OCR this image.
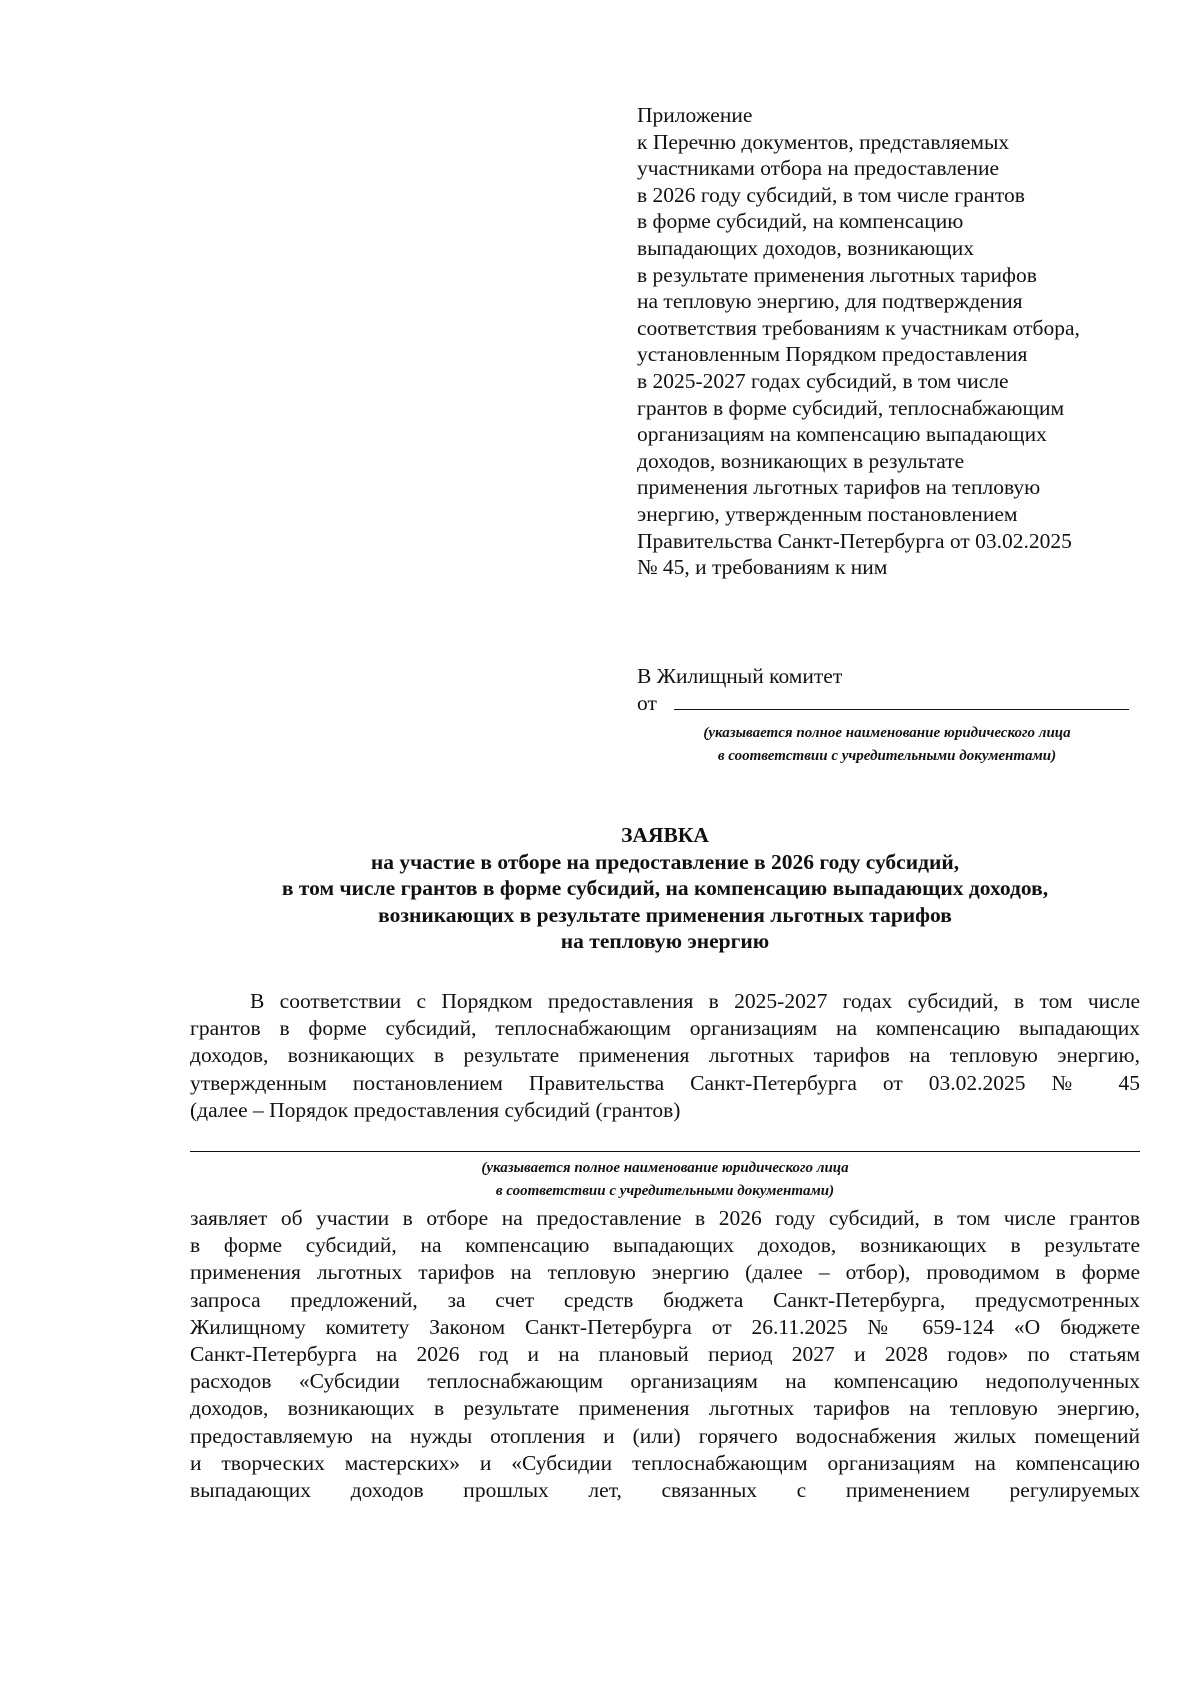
Приложение
к Перечню документов, представляемых
участниками отбора на предоставление
в 2026 году субсидий, в том числе грантов
в форме субсидий, на компенсацию
выпадающих доходов, возникающих
в результате применения льготных тарифов
на тепловую энергию, для подтверждения
соответствия требованиям к участникам отбора,
установленным Порядком предоставления
в 2025-2027 годах субсидий, в том числе
грантов в форме субсидий, теплоснабжающим
организациям на компенсацию выпадающих
доходов, возникающих в результате
применения льготных тарифов на тепловую
энергию, утвержденным постановлением
Правительства Санкт-Петербурга от 03.02.2025
№ 45, и требованиям к ним
В Жилищный комитет
от
(указывается полное наименование юридического лица
в соответствии с учредительными документами)
ЗАЯВКА
на участие в отборе на предоставление в 2026 году субсидий,
в том числе грантов в форме субсидий, на компенсацию выпадающих доходов,
возникающих в результате применения льготных тарифов
на тепловую энергию
В соответствии с Порядком предоставления в 2025-2027 годах субсидий, в том числе
грантов в форме субсидий, теплоснабжающим организациям на компенсацию выпадающих
доходов, возникающих в результате применения льготных тарифов на тепловую энергию,
утвержденным постановлением Правительства Санкт-Петербурга от 03.02.2025 № 45
(далее – Порядок предоставления субсидий (грантов)
(указывается полное наименование юридического лица
в соответствии с учредительными документами)
заявляет об участии в отборе на предоставление в 2026 году субсидий, в том числе грантов
в форме субсидий, на компенсацию выпадающих доходов, возникающих в результате
применения льготных тарифов на тепловую энергию (далее – отбор), проводимом в форме
запроса предложений, за счет средств бюджета Санкт-Петербурга, предусмотренных
Жилищному комитету Законом Санкт-Петербурга от 26.11.2025 № 659-124 «О бюджете
Санкт-Петербурга на 2026 год и на плановый период 2027 и 2028 годов» по статьям
расходов «Субсидии теплоснабжающим организациям на компенсацию недополученных
доходов, возникающих в результате применения льготных тарифов на тепловую энергию,
предоставляемую на нужды отопления и (или) горячего водоснабжения жилых помещений
и творческих мастерских» и «Субсидии теплоснабжающим организациям на компенсацию
выпадающих доходов прошлых лет, связанных с применением регулируемых
